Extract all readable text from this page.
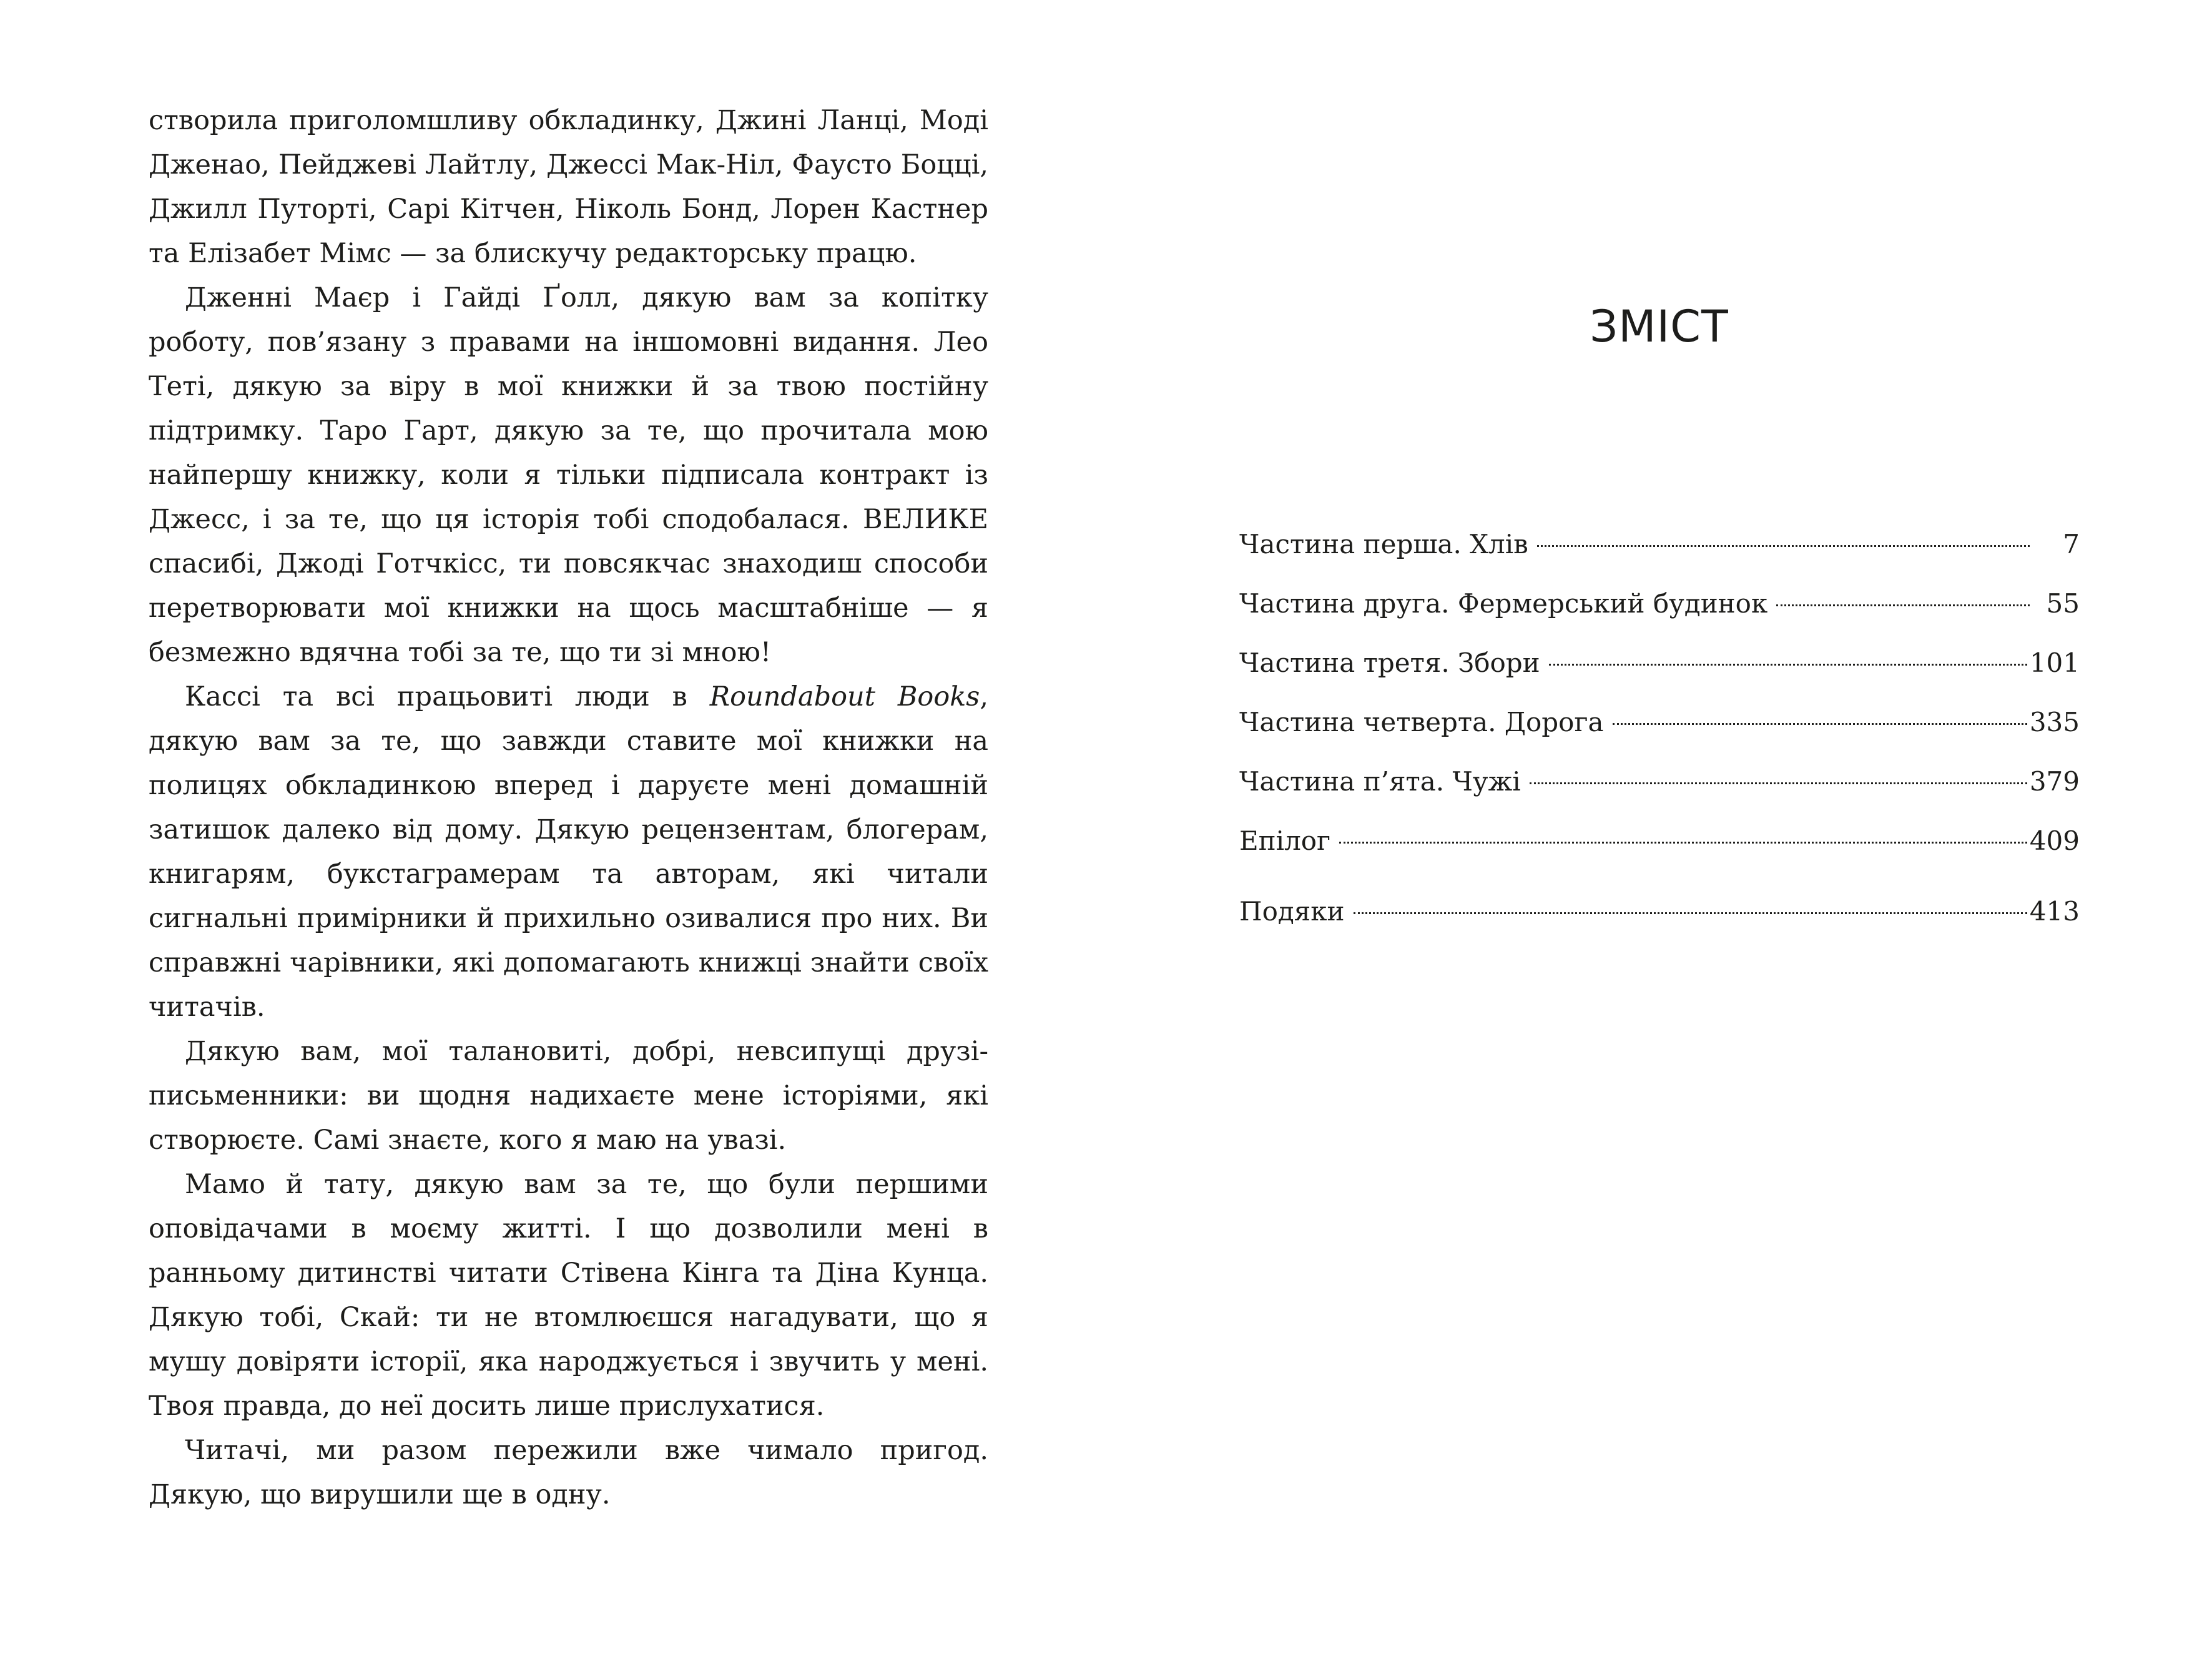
створила приголомшливу обкладинку, Джині Ланці, Моді Дженао, Пейджеві Лайтлу, Джессі Мак-Ніл, Фаусто Боцці, Джилл Путорті, Сарі Кітчен, Ніколь Бонд, Лорен Кастнер та Елізабет Мімс — за блискучу редакторську працю.

Дженні Маєр і Гайді Ґолл, дякую вам за копітку роботу, пов’язану з правами на іншомовні видання. Лео Теті, дякую за віру в мої книжки й за твою постійну підтримку. Таро Гарт, дякую за те, що прочитала мою найпершу книжку, коли я тільки підписала контракт із Джесс, і за те, що ця історія тобі сподобалася. ВЕЛИКЕ спасибі, Джоді Готчкісс, ти повсякчас знаходиш способи перетворювати мої книжки на щось масштабніше — я безмежно вдячна тобі за те, що ти зі мною!

Кассі та всі працьовиті люди в Roundabout Books, дякую вам за те, що завжди ставите мої книжки на полицях обкладинкою вперед і даруєте мені домашній затишок далеко від дому. Дякую рецензентам, блогерам, книгарям, букстаграмерам та авторам, які читали сигнальні примірники й прихильно озивалися про них. Ви справжні чарівники, які допомагають книжці знайти своїх читачів.

Дякую вам, мої талановиті, добрі, невсипущі друзі-письменники: ви щодня надихаєте мене історіями, які створюєте. Самі знаєте, кого я маю на увазі.

Мамо й тату, дякую вам за те, що були першими оповідачами в моєму житті. І що дозволили мені в ранньому дитинстві читати Стівена Кінга та Діна Кунца. Дякую тобі, Скай: ти не втомлюєшся нагадувати, що я мушу довіряти історії, яка народжується і звучить у мені. Твоя правда, до неї досить лише прислухатися.

Читачі, ми разом пережили вже чимало пригод. Дякую, що вирушили ще в одну.

ЗМІСТ
Частина перша. Хлів	7
Частина друга. Фермерський будинок	55
Частина третя. Збори	101
Частина четверта. Дорога	335
Частина п’ята. Чужі	379
Епілог	409
Подяки	413
